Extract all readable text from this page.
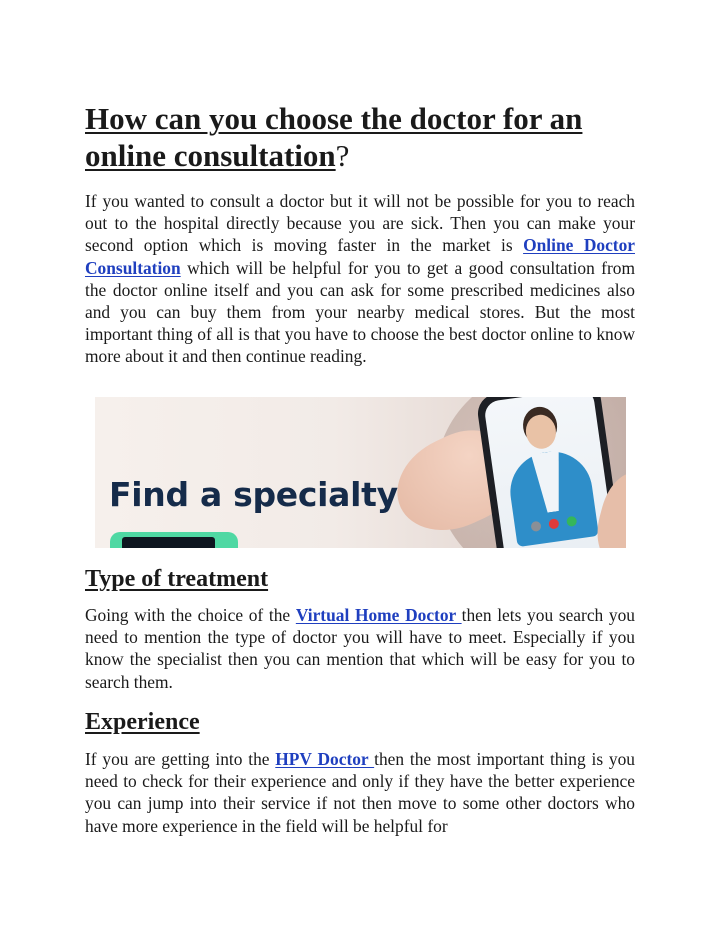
How can you choose the doctor for an online consultation?

If you wanted to consult a doctor but it will not be possible for you to reach out to the hospital directly because you are sick. Then you can make your second option which is moving faster in the market is Online Doctor Consultation which will be helpful for you to get a good consultation from the doctor online itself and you can ask for some prescribed medicines also and you can buy them from your nearby medical stores. But the most important thing of all is that you have to choose the best doctor online to know more about it and then continue reading.

Find a specialty
Type of treatment

Going with the choice of the Virtual Home Doctor then lets you search you need to mention the type of doctor you will have to meet. Especially if you know the specialist then you can mention that which will be easy for you to search them.

Experience

If you are getting into the HPV Doctor then the most important thing is you need to check for their experience and only if they have the better experience you can jump into their service if not then move to some other doctors who have more experience in the field will be helpful for
